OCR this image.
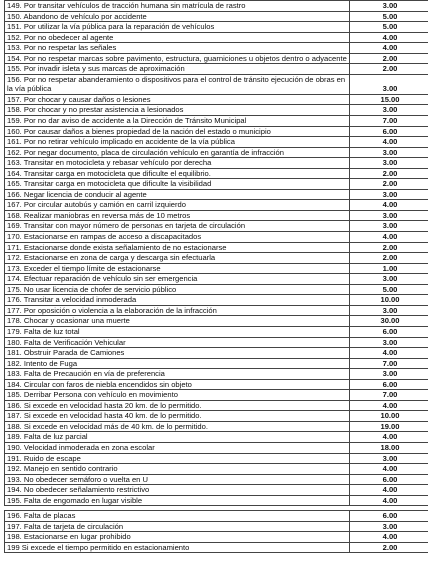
149. Por transitar vehículos de tracción humana sin matrícula de rastro	3.00
150. Abandono de vehículo por accidente	5.00
151. Por utilizar la vía pública para la reparación de vehículos	5.00
152. Por no obedecer al agente	4.00
153. Por no respetar las señales	4.00
154. Por no respetar marcas sobre pavimento, estructura, guarniciones u objetos dentro o adyacente	2.00
155. Por invadir isleta y sus marcas de aproximación	2.00
156. Por no respetar abanderamiento o dispositivos para el control de tránsito ejecución de obras en la vía pública	3.00
157. Por chocar y causar daños o lesiones	15.00
158. Por chocar y no prestar asistencia a lesionados	3.00
159. Por no dar aviso de accidente a la Dirección de Tránsito Municipal	7.00
160. Por causar daños a bienes propiedad de la nación del estado o municipio	6.00
161. Por no retirar vehículo implicado en accidente de la vía pública	4.00
162. Por negar documento, placa de circulación vehículo en garantía de infracción	3.00
163. Transitar en motocicleta y rebasar vehículo por derecha	3.00
164. Transitar carga en motocicleta que dificulte el equilibrio.	2.00
165. Transitar carga en motocicleta que dificulte la visibilidad	2.00
166. Negar licencia de conducir al agente	3.00
167. Por circular autobús y camión en carril izquierdo	4.00
168. Realizar maniobras en reversa más de 10 metros	3.00
169. Transitar con mayor número de personas en tarjeta de circulación	3.00
170. Estacionarse en rampas de acceso a discapacitados	4.00
171. Estacionarse donde exista señalamiento de no estacionarse	2.00
172. Estacionarse en zona de carga y descarga sin efectuarla	2.00
173. Exceder el tiempo límite de estacionarse	1.00
174. Efectuar reparación de vehículo sin ser emergencia	3.00
175. No usar licencia de chofer de servicio público	5.00
176. Transitar a velocidad inmoderada	10.00
177. Por oposición o violencia a la elaboración de la infracción	3.00
178. Chocar y ocasionar una muerte	30.00
179. Falta de luz total	6.00
180. Falta de Verificación Vehicular	3.00
181. Obstruir Parada de Camiones	4.00
182. Intento de Fuga	7.00
183. Falta de Precaución en vía de preferencia	3.00
184. Circular con faros de niebla encendidos sin objeto	6.00
185. Derribar Persona con vehículo en movimiento	7.00
186. Si excede en velocidad hasta 20 km. de lo permitido.	4.00
187. Si excede en velocidad hasta 40 km. de lo permitido.	10.00
188. Si excede en velocidad más de 40 km. de lo permitido.	19.00
189. Falta de luz parcial	4.00
190. Velocidad inmoderada en zona escolar	18.00
191. Ruido de escape	3.00
192. Manejo en sentido contrario	4.00
193. No obedecer semáforo o vuelta en U	6.00
194. No obedecer señalamiento restrictivo	4.00
195. Falta de engomado en lugar visible	4.00
196. Falta de placas	6.00
197. Falta de tarjeta de circulación	3.00
198. Estacionarse en lugar prohibido	4.00
199 Si excede el tiempo permitido en estacionamiento	2.00
